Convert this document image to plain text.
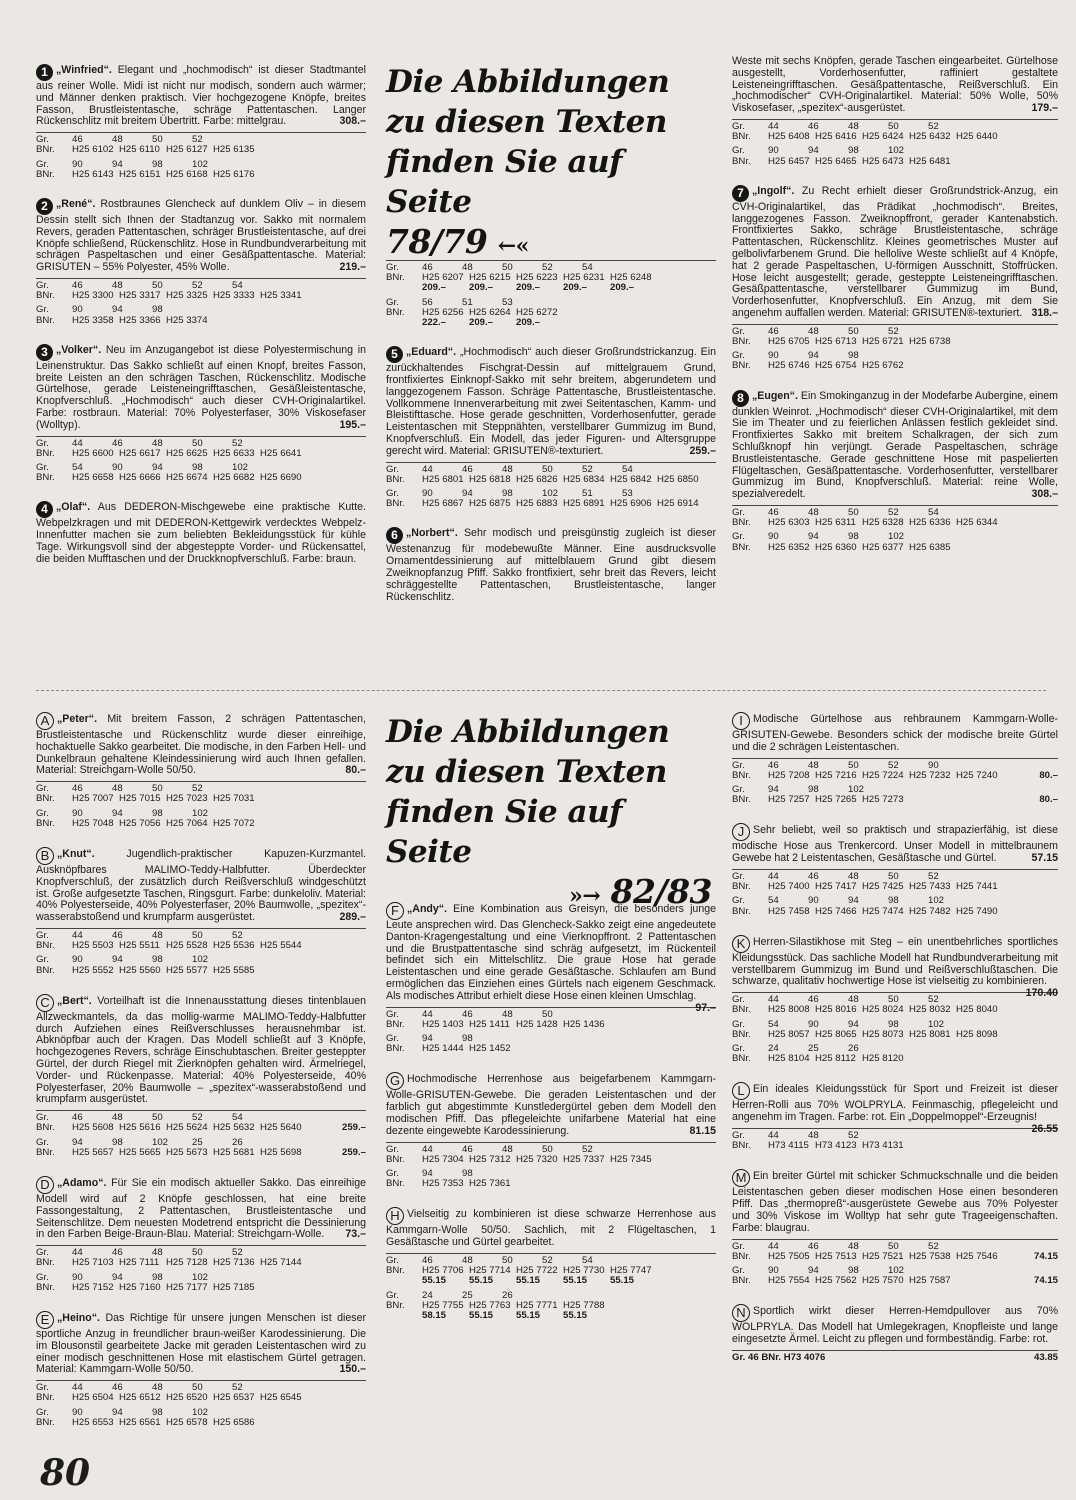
Die Abbildungen
zu diesen Texten
finden Sie auf Seite
78/79 ←«
Die Abbildungen
zu diesen Texten
finden Sie auf Seite
»→ 82/83
1 „Winfried“. Elegant und „hochmodisch“ ist dieser Stadtmantel aus reiner Wolle. Midi ist nicht nur modisch, sondern auch wärmer; und Männer denken praktisch. Vier hochgezogene Knöpfe, breites Fasson, Brustleistentasche, schräge Pattentaschen. Langer Rückenschlitz mit breitem Übertritt. Farbe: mittelgrau.	308.–
Gr.	46	48	50	52
BNr.	H25 6102 H25 6110 H25 6127 H25 6135
Gr.	90	94	98	102
BNr.	H25 6143 H25 6151 H25 6168 H25 6176
2 „René“. Rostbraunes Glencheck auf dunklem Oliv – in diesem Dessin stellt sich Ihnen der Stadtanzug vor. Sakko mit normalem Revers, geraden Pattentaschen, schräger Brustleistentasche, auf drei Knöpfe schließend, Rückenschlitz. Hose in Rundbundverarbeitung mit schrägen Paspeltaschen und einer Gesäßpattentasche. Material: GRISUTEN – 55% Polyester, 45% Wolle.	219.–
Gr.	46	48	50	52	54
BNr.	H25 3300 H25 3317 H25 3325 H25 3333 H25 3341
Gr.	90	94	98
BNr.	H25 3358 H25 3366 H25 3374
3 „Volker“. Neu im Anzugangebot ist diese Polyestermischung in Leinenstruktur. Das Sakko schließt auf einen Knopf, breites Fasson, breite Leisten an den schrägen Taschen, Rückenschlitz. Modische Gürtelhose, gerade Leisteneingrifftaschen, Gesäßleistentasche, Knopfverschluß. „Hochmodisch“ auch dieser CVH-Originalartikel. Farbe: rostbraun. Material: 70% Polyesterfaser, 30% Viskosefaser (Wolltyp).	195.–
Gr.	44	46	48	50	52
BNr.	H25 6600 H25 6617 H25 6625 H25 6633 H25 6641
Gr.	54	90	94	98	102
BNr.	H25 6658 H25 6666 H25 6674 H25 6682 H25 6690
4 „Olaf“. Aus DEDERON-Mischgewebe eine praktische Kutte. Webpelzkragen und mit DEDERON-Kettgewirk verdecktes Webpelz-Innenfutter machen sie zum beliebten Bekleidungsstück für kühle Tage. Wirkungsvoll sind der abgesteppte Vorder- und Rückensattel, die beiden Mufftaschen und der Druckknopfverschluß. Farbe: braun.
Gr.	46	48	50	52	54
BNr.	H25 6207 H25 6215 H25 6223 H25 6231 H25 6248
209.–	209.–	209.–	209.–	209.–
Gr.	56	51	53
BNr.	H25 6256 H25 6264 H25 6272
222.–	209.–	209.–
5 „Eduard“. „Hochmodisch“ auch dieser Großrundstrickanzug. Ein zurückhaltendes Fischgrat-Dessin auf mittelgrauem Grund, frontfixiertes Einknopf-Sakko mit sehr breitem, abgerundetem und langgezogenem Fasson. Schräge Pattentasche, Brustleistentasche. Vollkommene Innenverarbeitung mit zwei Seitentaschen, Kamm- und Bleistifttasche. Hose gerade geschnitten, Vorderhosenfutter, gerade Leistentaschen mit Steppnähten, verstellbarer Gummizug im Bund, Knopfverschluß. Ein Modell, das jeder Figuren- und Altersgruppe gerecht wird. Material: GRISUTEN®-texturiert.	259.–
Gr.	44	46	48	50	52	54
BNr.	H25 6801 H25 6818 H25 6826 H25 6834 H25 6842 H25 6850
Gr.	90	94	98	102	51	53
BNr.	H25 6867 H25 6875 H25 6883 H25 6891 H25 6906 H25 6914
6 „Norbert“. Sehr modisch und preisgünstig zugleich ist dieser Westenanzug für modebewußte Männer. Eine ausdrucksvolle Ornamentdessinierung auf mittelblauem Grund gibt diesem Zweiknopfanzug Pfiff. Sakko frontfixiert, sehr breit das Revers, leicht schräggestellte Pattentaschen, Brustleistentasche, langer Rückenschlitz.
Weste mit sechs Knöpfen, gerade Taschen eingearbeitet. Gürtelhose ausgestellt, Vorderhosenfutter, raffiniert gestaltete Leisteneingrifftaschen. Gesäßpattentasche, Reißverschluß. Ein „hochmodischer“ CVH-Originalartikel. Material: 50% Wolle, 50% Viskosefaser, „spezitex“-ausgerüstet.	179.–
Gr.	44	46	48	50	52
BNr.	H25 6408 H25 6416 H25 6424 H25 6432 H25 6440
Gr.	90	94	98	102
BNr.	H25 6457 H25 6465 H25 6473 H25 6481
7 „Ingolf“. Zu Recht erhielt dieser Großrundstrick-Anzug, ein CVH-Originalartikel, das Prädikat „hochmodisch“. Breites, langgezogenes Fasson. Zweiknopffront, gerader Kantenabstich. Frontfixiertes Sakko, schräge Brustleistentasche, schräge Pattentaschen, Rückenschlitz. Kleines geometrisches Muster auf gelbolivfarbenem Grund. Die hellolive Weste schließt auf 4 Knöpfe, hat 2 gerade Paspeltaschen, U-förmigen Ausschnitt, Stoffrücken. Hose leicht ausgestellt; gerade, gesteppte Leisteneingrifftaschen. Gesäßpattentasche, verstellbarer Gummizug im Bund, Vorderhosenfutter, Knopfverschluß. Ein Anzug, mit dem Sie angenehm auffallen werden. Material: GRISUTEN®-texturiert. 318.–
Gr.	46	48	50	52
BNr.	H25 6705 H25 6713 H25 6721 H25 6738
Gr.	90	94	98
BNr.	H25 6746 H25 6754 H25 6762
8 „Eugen“. Ein Smokinganzug in der Modefarbe Aubergine, einem dunklen Weinrot. „Hochmodisch“ dieser CVH-Originalartikel, mit dem Sie im Theater und zu feierlichen Anlässen festlich gekleidet sind. Frontfixiertes Sakko mit breitem Schalkragen, der sich zum Schlußknopf hin verjüngt. Gerade Paspeltaschen, schräge Brustleistentasche. Gerade geschnittene Hose mit paspelierten Flügeltaschen, Gesäßpattentasche. Vorderhosenfutter, verstellbarer Gummizug im Bund, Knopfverschluß. Material: reine Wolle, spezialveredelt.	308.–
Gr.	46	48	50	52	54
BNr.	H25 6303 H25 6311 H25 6328 H25 6336 H25 6344
Gr.	90	94	98	102
BNr.	H25 6352 H25 6360 H25 6377 H25 6385
A „Peter“. Mit breitem Fasson, 2 schrägen Pattentaschen, Brustleistentasche und Rückenschlitz wurde dieser einreihige, hochaktuelle Sakko gearbeitet. Die modische, in den Farben Hell- und Dunkelbraun gehaltene Kleindessinierung wird auch Ihnen gefallen. Material: Streichgarn-Wolle 50/50.	80.–
Gr.	46	48	50	52
BNr.	H25 7007 H25 7015 H25 7023 H25 7031
Gr.	90	94	98	102
BNr.	H25 7048 H25 7056 H25 7064 H25 7072
B „Knut“.	Jugendlich-praktischer Kapuzen-Kurzmantel. Ausknöpfbares MALIMO-Teddy-Halbfutter. Überdeckter Knopfverschluß, der zusätzlich durch Reißverschluß windgeschützt ist. Große aufgesetzte Taschen, Ringsgurt. Farbe: dunkeloliv. Material: 40% Polyesterseide, 40% Polyesterfaser, 20% Baumwolle, „spezitex“-wasserabstoßend und krumpfarm ausgerüstet.	289.–
Gr.	44	46	48	50	52
BNr.	H25 5503 H25 5511 H25 5528 H25 5536 H25 5544
Gr.	90	94	98	102
BNr.	H25 5552 H25 5560 H25 5577 H25 5585
C „Bert“. Vorteilhaft ist die Innenausstattung dieses tintenblauen Allzweckmantels, da das mollig-warme MALIMO-Teddy-Halbfutter durch Aufziehen eines Reißverschlusses herausnehmbar ist. Abknöpfbar auch der Kragen. Das Modell schließt auf 3 Knöpfe, hochgezogenes Revers, schräge Einschubtaschen. Breiter gesteppter Gürtel, der durch Riegel mit Zierknöpfen gehalten wird. Ärmelriegel, Vorder- und Rückenpasse. Material: 40% Polyesterseide, 40% Polyesterfaser, 20% Baumwolle – „spezitex“-wasserabstoßend und krumpfarm ausgerüstet.
Gr.	46	48	50	52	54
BNr.	H25 5608 H25 5616 H25 5624 H25 5632 H25 5640	259.–
Gr.	94	98	102	25	26
BNr.	H25 5657 H25 5665 H25 5673 H25 5681 H25 5698	259.–
D „Adamo“. Für Sie ein modisch aktueller Sakko. Das einreihige Modell wird auf 2 Knöpfe geschlossen, hat eine breite Fassongestaltung, 2 Pattentaschen, Brustleistentasche und Seitenschlitze. Dem neuesten Modetrend entspricht die Dessinierung in den Farben Beige-Braun-Blau. Material: Streichgarn-Wolle. 73.–
Gr.	44	46	48	50	52
BNr.	H25 7103 H25 7111 H25 7128 H25 7136 H25 7144
Gr.	90	94	98	102
BNr.	H25 7152 H25 7160 H25 7177 H25 7185
E „Heino“. Das Richtige für unsere jungen Menschen ist dieser sportliche Anzug in freundlicher braun-weißer Karodessinierung. Die im Blousonstil gearbeitete Jacke mit geraden Leistentaschen wird zu einer modisch geschnittenen Hose mit elastischem Gürtel getragen. Material: Kammgarn-Wolle 50/50.	150.–
Gr.	44	46	48	50	52
BNr.	H25 6504 H25 6512 H25 6520 H25 6537 H25 6545
Gr.	90	94	98	102
BNr.	H25 6553 H25 6561 H25 6578 H25 6586
F „Andy“. Eine Kombination aus Greisyn, die besonders junge Leute ansprechen wird. Das Glencheck-Sakko zeigt eine angedeutete Danton-Kragengestaltung und eine Vierknopffront. 2 Pattentaschen und die Brustpattentasche sind schräg aufgesetzt, im Rückenteil befindet sich ein Mittelschlitz. Die graue Hose hat gerade Leistentaschen und eine gerade Gesäßtasche. Schlaufen am Bund ermöglichen das Einziehen eines Gürtels nach eigenem Geschmack. Als modisches Attribut erhielt diese Hose einen kleinen Umschlag.
97.–
Gr.	44	46	48	50
BNr.	H25 1403 H25 1411 H25 1428 H25 1436
Gr.	94	98
BNr.	H25 1444 H25 1452
G Hochmodische Herrenhose aus beigefarbenem Kammgarn-Wolle-GRISUTEN-Gewebe. Die geraden Leistentaschen und der farblich gut abgestimmte Kunstledergürtel geben dem Modell den modischen Pfiff. Das pflegeleichte unifarbene Material hat eine dezente eingewebte Karodessinierung.	81.15
Gr.	44	46	48	50	52
BNr.	H25 7304 H25 7312 H25 7320 H25 7337 H25 7345
Gr.	94	98
BNr.	H25 7353 H25 7361
H Vielseitig zu kombinieren ist diese schwarze Herrenhose aus Kammgarn-Wolle 50/50. Sachlich, mit 2 Flügeltaschen, 1 Gesäßtasche und Gürtel gearbeitet.
Gr.	46	48	50	52	54
BNr.	H25 7706 H25 7714 H25 7722 H25 7730 H25 7747
55.15	55.15	55.15	55.15	55.15
Gr.	24	25	26
BNr.	H25 7755 H25 7763 H25 7771 H25 7788
58.15	55.15	55.15	55.15
I Modische Gürtelhose aus rehbraunem Kammgarn-Wolle-GRISUTEN-Gewebe. Besonders schick der modische breite Gürtel und die 2 schrägen Leistentaschen.
Gr.	46	48	50	52	90
BNr.	H25 7208 H25 7216 H25 7224 H25 7232 H25 7240	80.–
Gr.	94	98	102
BNr.	H25 7257 H25 7265 H25 7273	80.–
J Sehr beliebt, weil so praktisch und strapazierfähig, ist diese modische Hose aus Trenkercord. Unser Modell in mittelbraunem Gewebe hat 2 Leistentaschen, Gesäßtasche und Gürtel.	57.15
Gr.	44	46	48	50	52
BNr.	H25 7400 H25 7417 H25 7425 H25 7433 H25 7441
Gr.	54	90	94	98	102
BNr.	H25 7458 H25 7466 H25 7474 H25 7482 H25 7490
K Herren-Silastikhose mit Steg – ein unentbehrliches sportliches Kleidungsstück. Das sachliche Modell hat Rundbundverarbeitung mit verstellbarem Gummizug im Bund und Reißverschlußtaschen. Die schwarze, qualitativ hochwertige Hose ist vielseitig zu kombinieren.
170.40
Gr.	44	46	48	50	52
BNr.	H25 8008 H25 8016 H25 8024 H25 8032 H25 8040
Gr.	54	90	94	98	102
BNr.	H25 8057 H25 8065 H25 8073 H25 8081 H25 8098
Gr.	24	25	26
BNr.	H25 8104 H25 8112 H25 8120
L Ein ideales Kleidungsstück für Sport und Freizeit ist dieser Herren-Rolli aus 70% WOLPRYLA. Feinmaschig, pflegeleicht und angenehm im Tragen. Farbe: rot. Ein „Doppelmoppel“-Erzeugnis!
26.55
Gr.	44	48	52
BNr.	H73 4115 H73 4123 H73 4131
M Ein breiter Gürtel mit schicker Schmuckschnalle und die beiden Leistentaschen geben dieser modischen Hose einen besonderen Pfiff. Das „thermopreß“-ausgerüstete Gewebe aus 70% Polyester und 30% Viskose im Wolltyp hat sehr gute Trageeigenschaften. Farbe: blaugrau.
Gr.	44	46	48	50	52
BNr.	H25 7505 H25 7513 H25 7521 H25 7538 H25 7546	74.15
Gr.	90	94	98	102
BNr.	H25 7554 H25 7562 H25 7570 H25 7587	74.15
N Sportlich wirkt dieser Herren-Hemdpullover aus 70% WOLPRYLA. Das Modell hat Umlegekragen, Knopfleiste und lange eingesetzte Ärmel. Leicht zu pflegen und formbeständig. Farbe: rot.
Gr. 46 BNr. H73 4076	43.85
80
